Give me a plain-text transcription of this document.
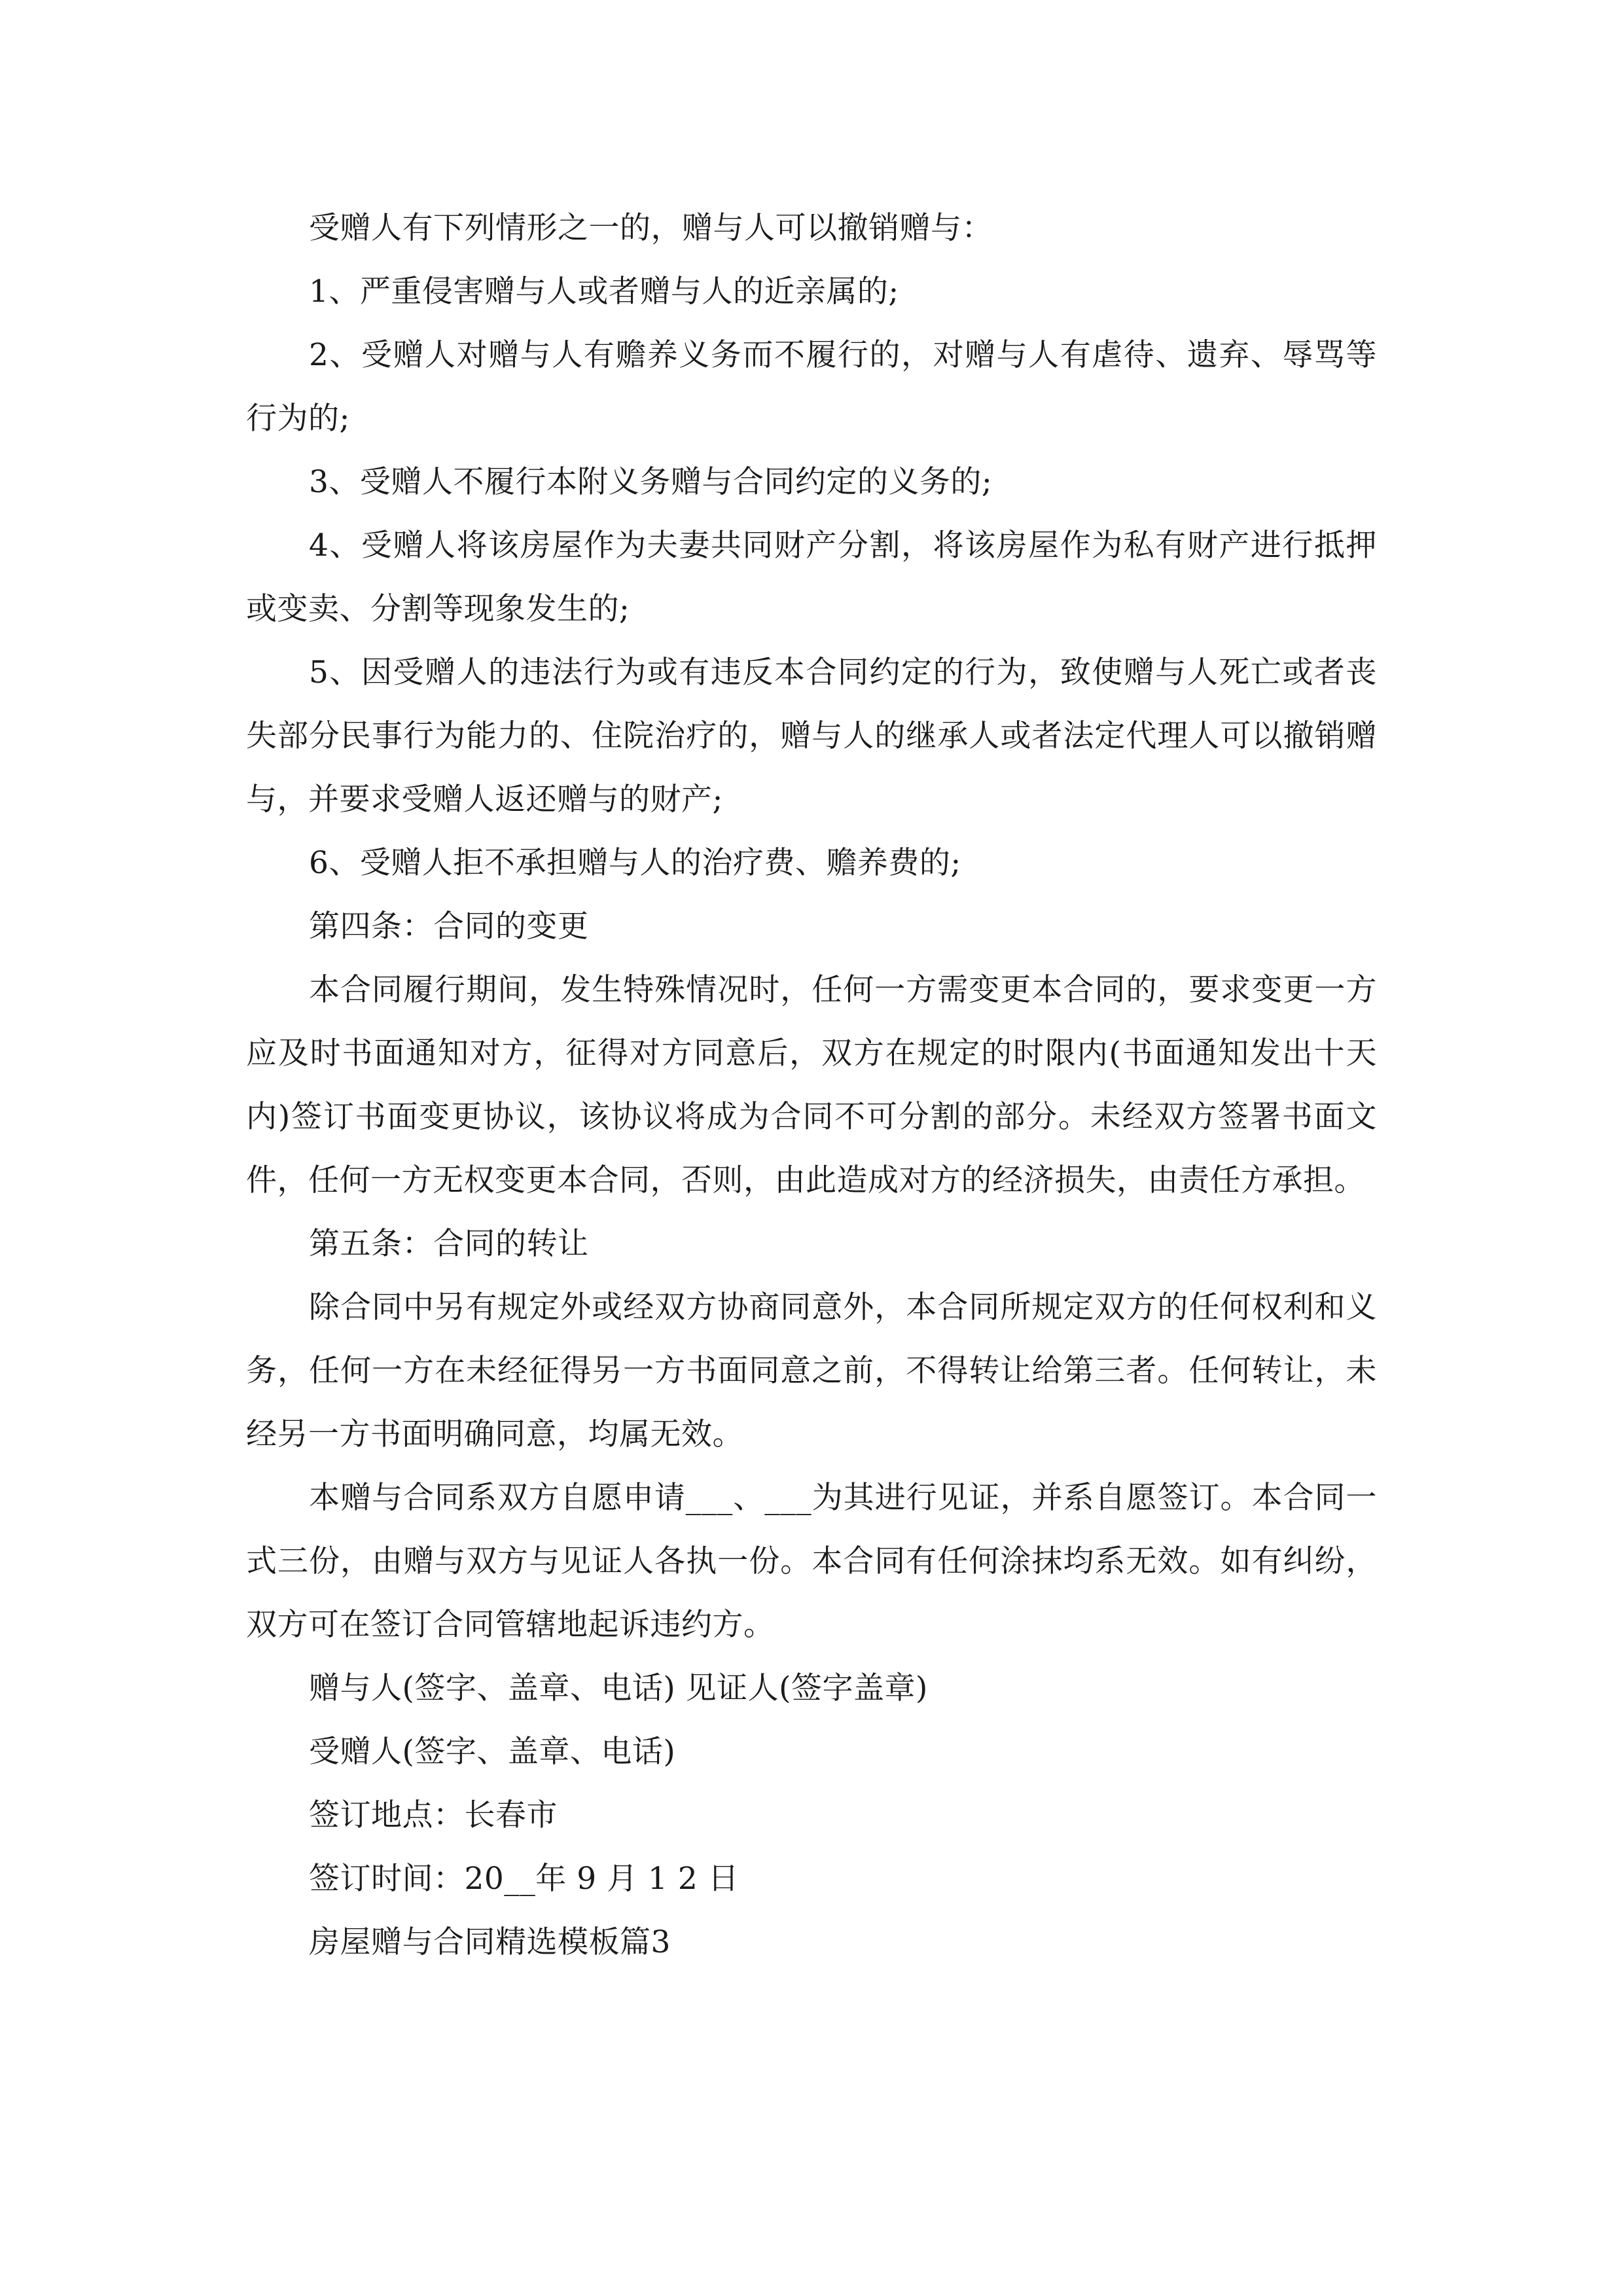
受赠人有下列情形之一的，赠与人可以撤销赠与：

1、严重侵害赠与人或者赠与人的近亲属的;

2、受赠人对赠与人有赡养义务而不履行的，对赠与人有虐待、遗弃、辱骂等行为的;

3、受赠人不履行本附义务赠与合同约定的义务的;

4、受赠人将该房屋作为夫妻共同财产分割，将该房屋作为私有财产进行抵押或变卖、分割等现象发生的;

5、因受赠人的违法行为或有违反本合同约定的行为，致使赠与人死亡或者丧失部分民事行为能力的、住院治疗的，赠与人的继承人或者法定代理人可以撤销赠与，并要求受赠人返还赠与的财产;

6、受赠人拒不承担赠与人的治疗费、赡养费的;

第四条：合同的变更

本合同履行期间，发生特殊情况时，任何一方需变更本合同的，要求变更一方应及时书面通知对方，征得对方同意后，双方在规定的时限内(书面通知发出十天内)签订书面变更协议，该协议将成为合同不可分割的部分。未经双方签署书面文件，任何一方无权变更本合同，否则，由此造成对方的经济损失，由责任方承担。

第五条：合同的转让

除合同中另有规定外或经双方协商同意外，本合同所规定双方的任何权利和义务，任何一方在未经征得另一方书面同意之前，不得转让给第三者。任何转让，未经另一方书面明确同意，均属无效。

本赠与合同系双方自愿申请___、___为其进行见证，并系自愿签订。本合同一式三份，由赠与双方与见证人各执一份。本合同有任何涂抹均系无效。如有纠纷，双方可在签订合同管辖地起诉违约方。

赠与人(签字、盖章、电话) 见证人(签字盖章)

受赠人(签字、盖章、电话)

签订地点：长春市

签订时间：20__年 9 月 1 2 日

房屋赠与合同精选模板篇3
